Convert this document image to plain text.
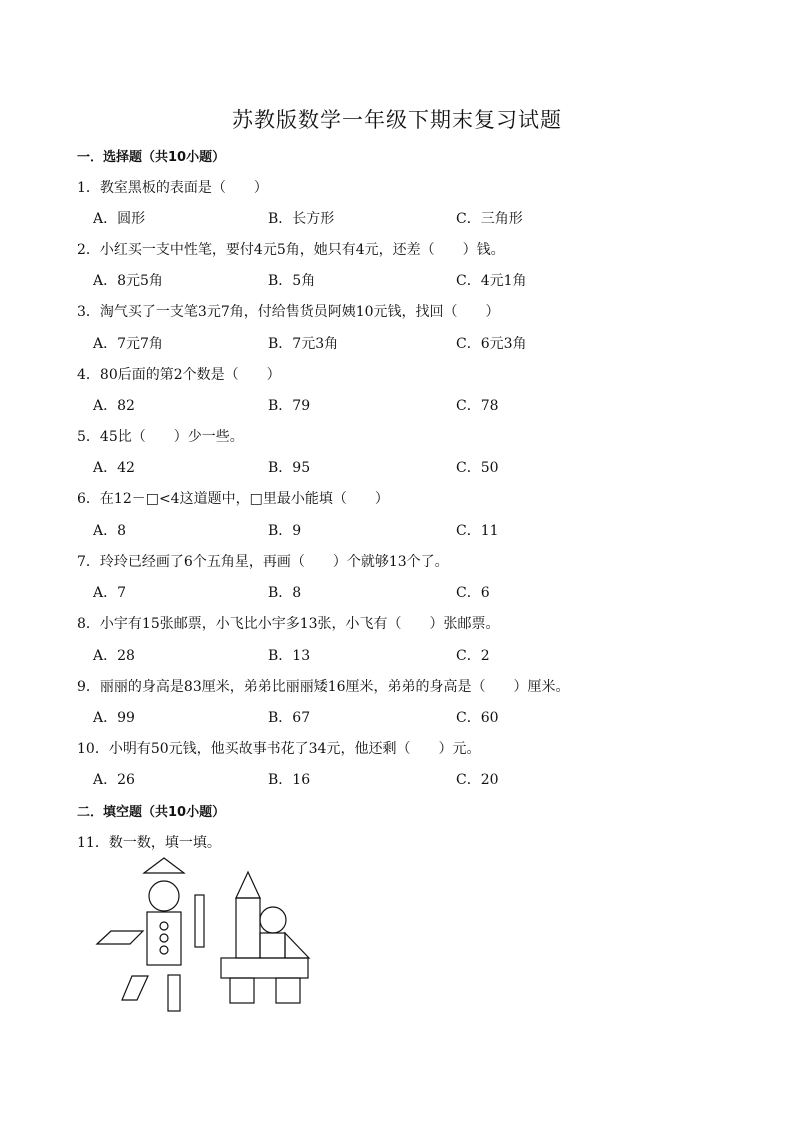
苏教版数学一年级下期末复习试题
一．选择题（共10小题）
1．教室黑板的表面是（　　）
A．圆形	B．长方形	C．三角形
2．小红买一支中性笔，要付4元5角，她只有4元，还差（　　）钱。
A．8元5角	B．5角	C．4元1角
3．淘气买了一支笔3元7角，付给售货员阿姨10元钱，找回（　　）
A．7元7角	B．7元3角	C．6元3角
4．80后面的第2个数是（　　）
A．82	B．79	C．78
5．45比（　　）少一些。
A．42	B．95	C．50
6．在12－□<4这道题中，□里最小能填（　　）
A．8	B．9	C．11
7．玲玲已经画了6个五角星，再画（　　）个就够13个了。
A．7	B．8	C．6
8．小宇有15张邮票，小飞比小宇多13张，小飞有（　　）张邮票。
A．28	B．13	C．2
9．丽丽的身高是83厘米，弟弟比丽丽矮16厘米，弟弟的身高是（　　）厘米。
A．99	B．67	C．60
10．小明有50元钱，他买故事书花了34元，他还剩（　　）元。
A．26	B．16	C．20
二．填空题（共10小题）
11．数一数，填一填。
